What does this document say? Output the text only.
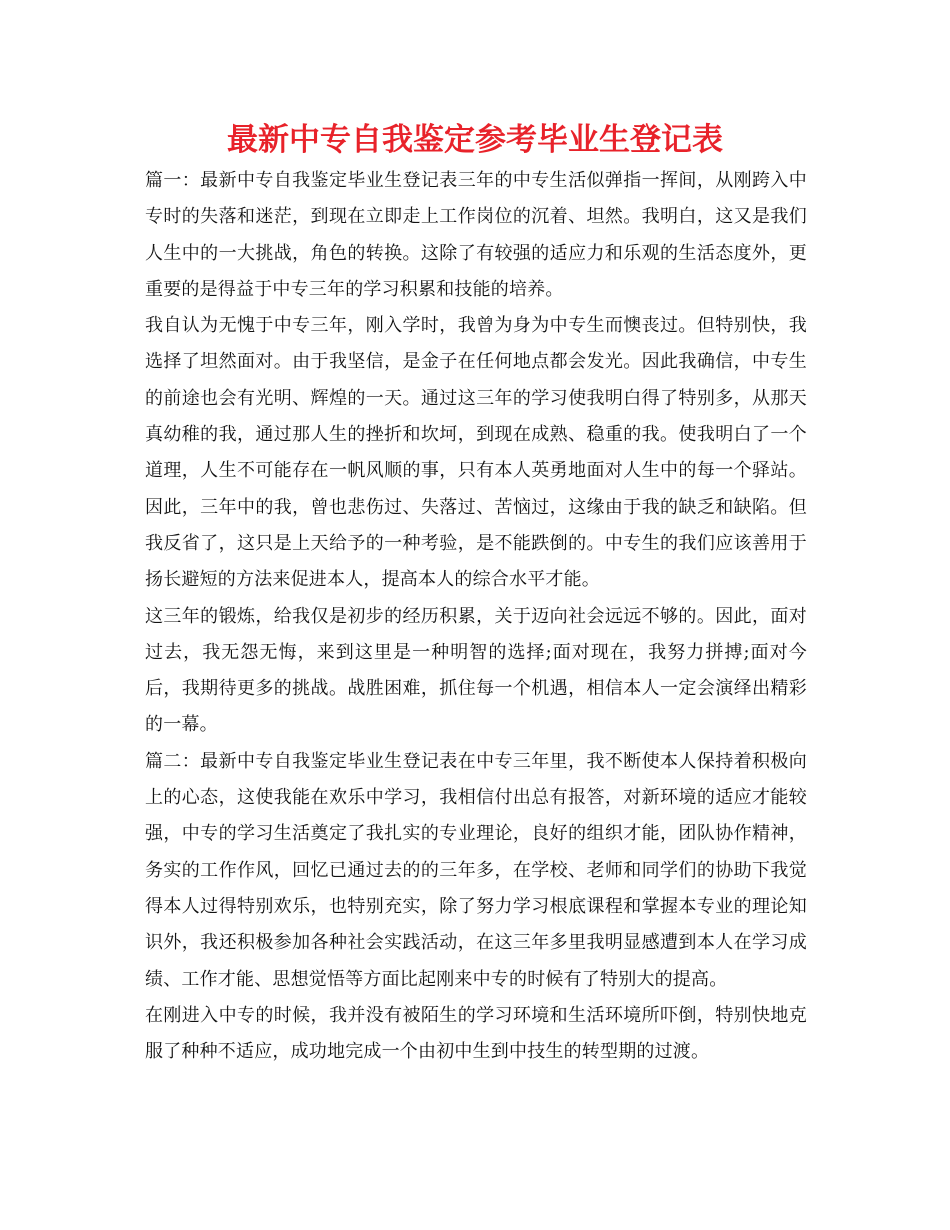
最新中专自我鉴定参考毕业生登记表

篇一：最新中专自我鉴定毕业生登记表三年的中专生活似弹指一挥间，从刚跨入中专时的失落和迷茫，到现在立即走上工作岗位的沉着、坦然。我明白，这又是我们人生中的一大挑战，角色的转换。这除了有较强的适应力和乐观的生活态度外，更重要的是得益于中专三年的学习积累和技能的培养。

我自认为无愧于中专三年，刚入学时，我曾为身为中专生而懊丧过。但特别快，我选择了坦然面对。由于我坚信，是金子在任何地点都会发光。因此我确信，中专生的前途也会有光明、辉煌的一天。通过这三年的学习使我明白得了特别多，从那天真幼稚的我，通过那人生的挫折和坎坷，到现在成熟、稳重的我。使我明白了一个道理，人生不可能存在一帆风顺的事，只有本人英勇地面对人生中的每一个驿站。因此，三年中的我，曾也悲伤过、失落过、苦恼过，这缘由于我的缺乏和缺陷。但我反省了，这只是上天给予的一种考验，是不能跌倒的。中专生的我们应该善用于扬长避短的方法来促进本人，提高本人的综合水平才能。

这三年的锻炼，给我仅是初步的经历积累，关于迈向社会远远不够的。因此，面对过去，我无怨无悔，来到这里是一种明智的选择;面对现在，我努力拼搏;面对今后，我期待更多的挑战。战胜困难，抓住每一个机遇，相信本人一定会演绎出精彩的一幕。

篇二：最新中专自我鉴定毕业生登记表在中专三年里，我不断使本人保持着积极向上的心态，这使我能在欢乐中学习，我相信付出总有报答，对新环境的适应才能较强，中专的学习生活奠定了我扎实的专业理论，良好的组织才能，团队协作精神，务实的工作作风，回忆已通过去的的三年多，在学校、老师和同学们的协助下我觉得本人过得特别欢乐，也特别充实，除了努力学习根底课程和掌握本专业的理论知识外，我还积极参加各种社会实践活动，在这三年多里我明显感遭到本人在学习成绩、工作才能、思想觉悟等方面比起刚来中专的时候有了特别大的提高。

在刚进入中专的时候，我并没有被陌生的学习环境和生活环境所吓倒，特别快地克服了种种不适应，成功地完成一个由初中生到中技生的转型期的过渡。
